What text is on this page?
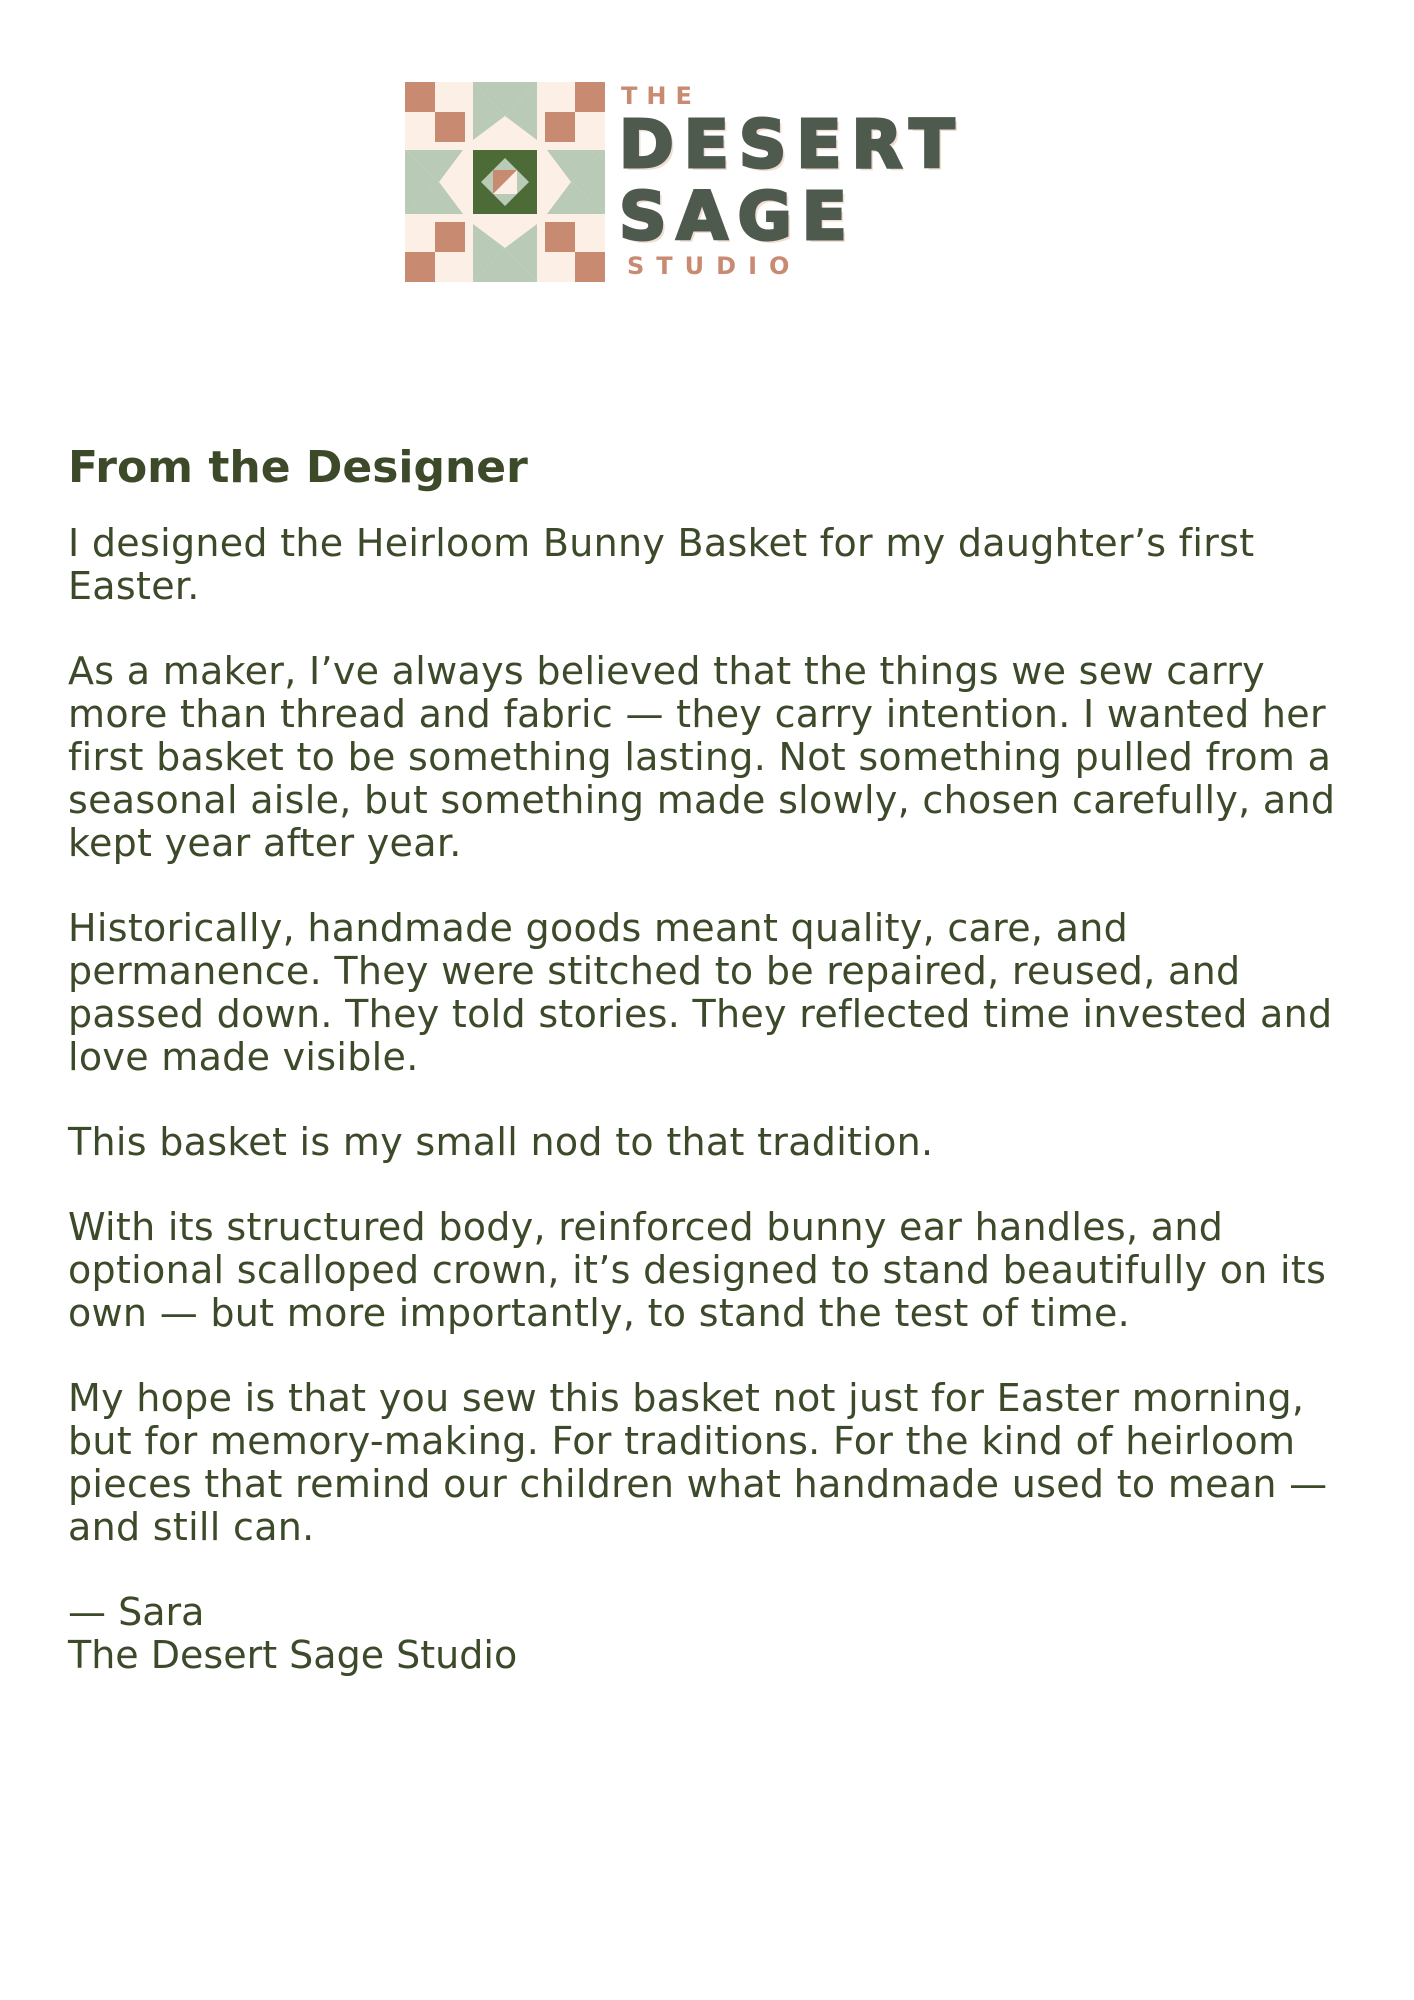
THE
DESERT
SAGE
STUDIO
From the Designer

I designed the Heirloom Bunny Basket for my daughter’s first Easter.

As a maker, I’ve always believed that the things we sew carry more than thread and fabric — they carry intention. I wanted her first basket to be something lasting. Not something pulled from a seasonal aisle, but something made slowly, chosen carefully, and kept year after year.

Historically, handmade goods meant quality, care, and permanence. They were stitched to be repaired, reused, and passed down. They told stories. They reflected time invested and love made visible.

This basket is my small nod to that tradition.

With its structured body, reinforced bunny ear handles, and optional scalloped crown, it’s designed to stand beautifully on its own — but more importantly, to stand the test of time.

My hope is that you sew this basket not just for Easter morning, but for memory-making. For traditions. For the kind of heirloom pieces that remind our children what handmade used to mean — and still can.

— Sara
The Desert Sage Studio
